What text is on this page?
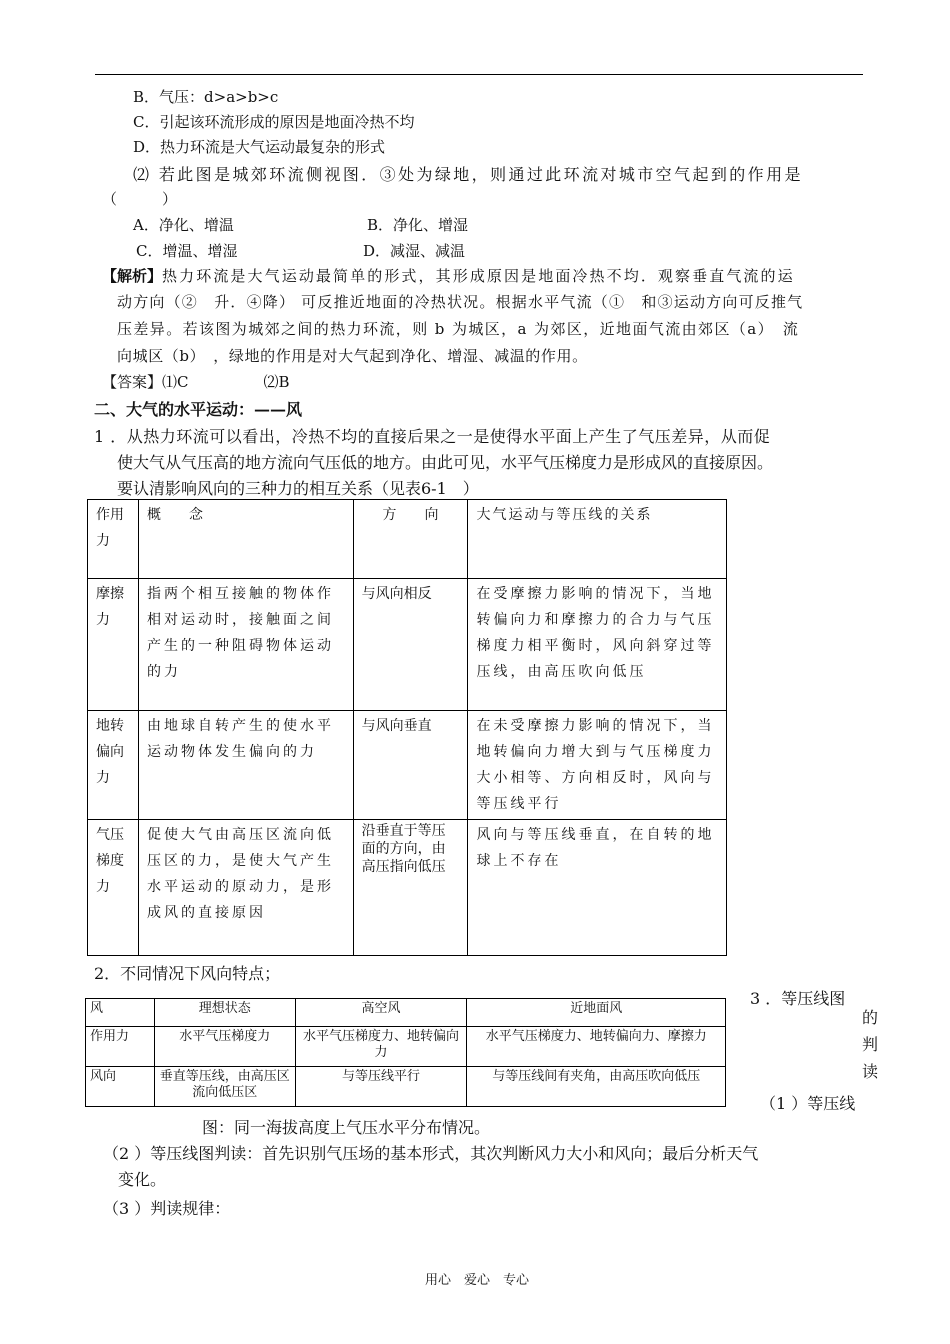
B．气压：d>a>b>c
C．引起该环流形成的原因是地面冷热不均
D．热力环流是大气运动最复杂的形式
⑵ 若此图是城郊环流侧视图．③处为绿地，则通过此环流对城市空气起到的作用是
（　　　）
A．净化、增温	B．净化、增湿
C．增温、增湿	D．减湿、减温
【解析】热力环流是大气运动最简单的形式，其形成原因是地面冷热不均．观察垂直气流的运
动方向（②　升．④降） 可反推近地面的冷热状况。根据水平气流（①　和③运动方向可反推气
压差异。若该图为城郊之间的热力环流，则 b 为城区，a 为郊区，近地面气流由郊区（a）　流
向城区（b）　，绿地的作用是对大气起到净化、增湿、减温的作用。
【答案】⑴C　　　　　⑵B
二、大气的水平运动：——风
1 ．从热力环流可以看出，冷热不均的直接后果之一是使得水平面上产生了气压差异，从而促
使大气从气压高的地方流向气压低的地方。由此可见，水平气压梯度力是形成风的直接原因。
要认清影响风向的三种力的相互关系（见表6-1　）
作用力	概　　念	方　　向	大气运动与等压线的关系
摩擦力	指两个相互接触的物体作相对运动时，接触面之间产生的一种阻碍物体运动的力	与风向相反	在受摩擦力影响的情况下，当地转偏向力和摩擦力的合力与气压梯度力相平衡时，风向斜穿过等压线，由高压吹向低压
地转偏向力	由地球自转产生的使水平运动物体发生偏向的力	与风向垂直	在未受摩擦力影响的情况下，当地转偏向力增大到与气压梯度力大小相等、方向相反时，风向与等压线平行
气压梯度力	促使大气由高压区流向低压区的力，是使大气产生水平运动的原动力，是形成风的直接原因	沿垂直于等压面的方向，由高压指向低压	风向与等压线垂直，在自转的地球上不存在
2．不同情况下风向特点；
风	理想状态	高空风	近地面风
作用力	水平气压梯度力	水平气压梯度力、地转偏向力	水平气压梯度力、地转偏向力、摩擦力
风向	垂直等压线，由高压区流向低压区	与等压线平行	与等压线间有夹角，由高压吹向低压
3 ．等压线图
的
判
读
（1 ）等压线
图：同一海拔高度上气压水平分布情况。
（2 ）等压线图判读：首先识别气压场的基本形式，其次判断风力大小和风向；最后分析天气
变化。
（3 ）判读规律：
用心　爱心　专心
